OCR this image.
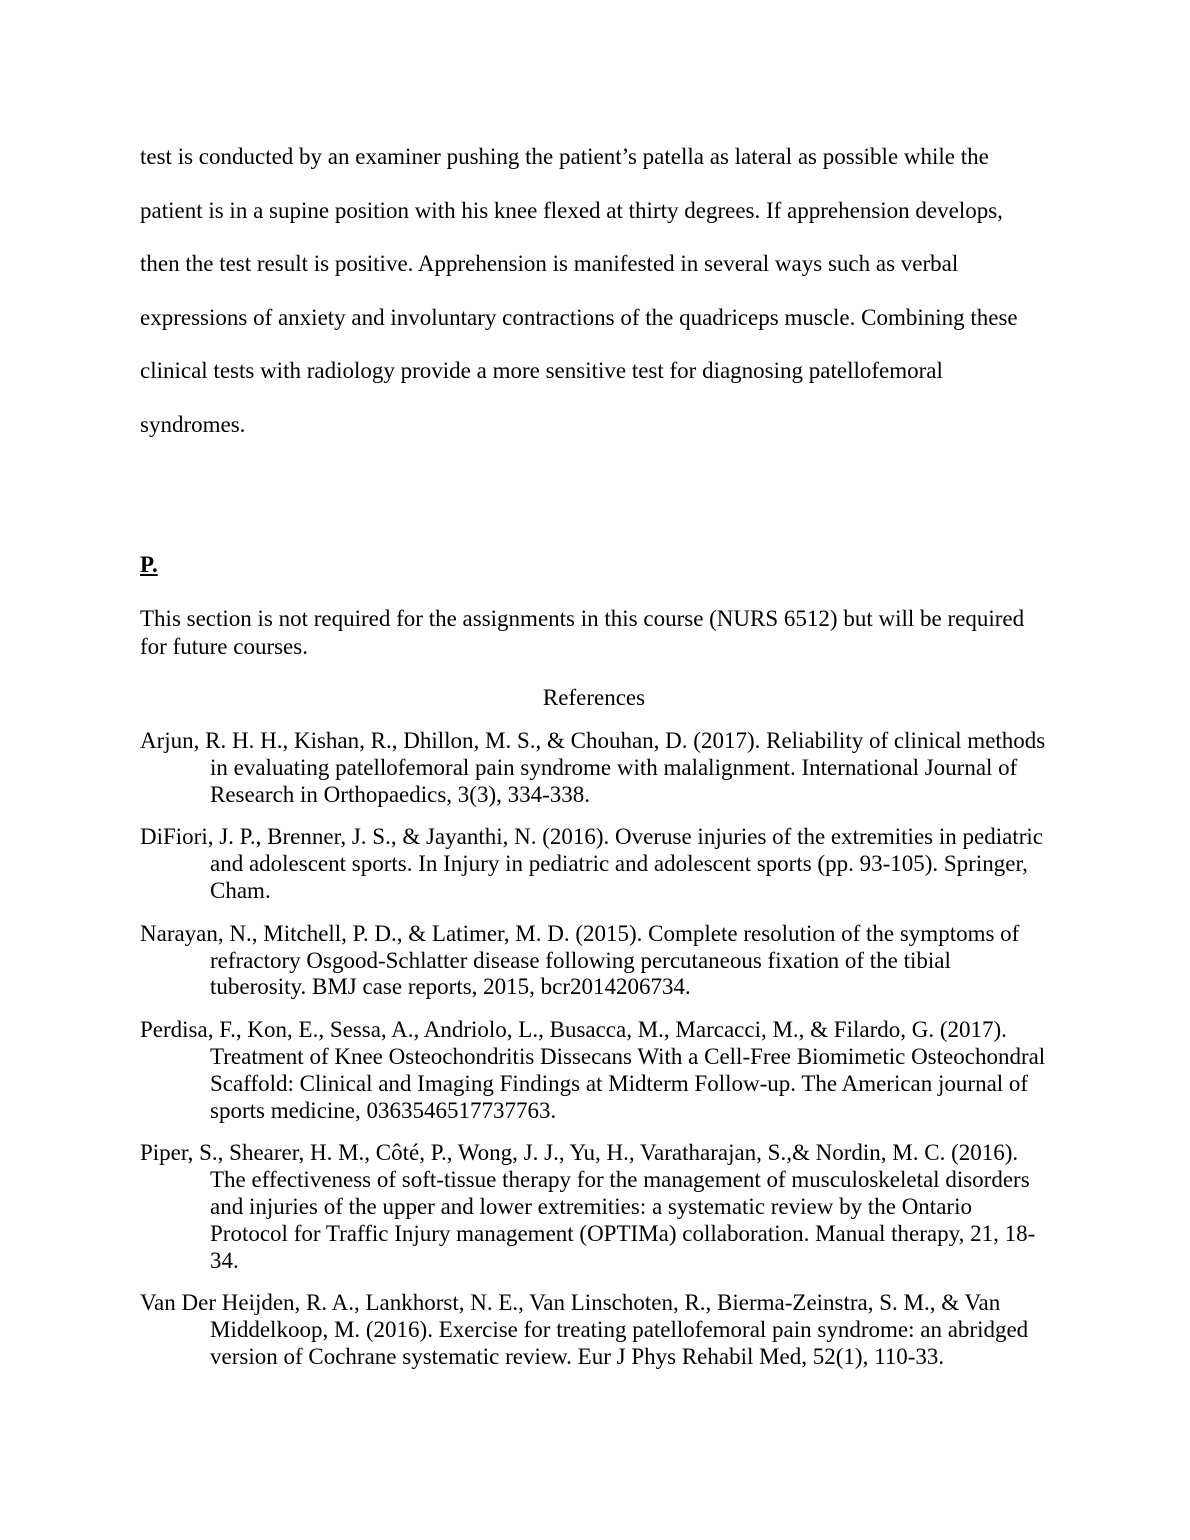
test is conducted by an examiner pushing the patient’s patella as lateral as possible while the
patient is in a supine position with his knee flexed at thirty degrees. If apprehension develops,
then the test result is positive. Apprehension is manifested in several ways such as verbal
expressions of anxiety and involuntary contractions of the quadriceps muscle. Combining these
clinical tests with radiology provide a more sensitive test for diagnosing patellofemoral
syndromes.
P.

This section is not required for the assignments in this course (NURS 6512) but will be required for future courses.

References

Arjun, R. H. H., Kishan, R., Dhillon, M. S., & Chouhan, D. (2017). Reliability of clinical methods in evaluating patellofemoral pain syndrome with malalignment. International Journal of Research in Orthopaedics, 3(3), 334-338.

DiFiori, J. P., Brenner, J. S., & Jayanthi, N. (2016). Overuse injuries of the extremities in pediatric and adolescent sports. In Injury in pediatric and adolescent sports (pp. 93-105). Springer, Cham.

Narayan, N., Mitchell, P. D., & Latimer, M. D. (2015). Complete resolution of the symptoms of refractory Osgood-Schlatter disease following percutaneous fixation of the tibial tuberosity. BMJ case reports, 2015, bcr2014206734.

Perdisa, F., Kon, E., Sessa, A., Andriolo, L., Busacca, M., Marcacci, M., & Filardo, G. (2017). Treatment of Knee Osteochondritis Dissecans With a Cell-Free Biomimetic Osteochondral Scaffold: Clinical and Imaging Findings at Midterm Follow-up. The American journal of sports medicine, 0363546517737763.

Piper, S., Shearer, H. M., Côté, P., Wong, J. J., Yu, H., Varatharajan, S.,& Nordin, M. C. (2016). The effectiveness of soft-tissue therapy for the management of musculoskeletal disorders and injuries of the upper and lower extremities: a systematic review by the Ontario Protocol for Traffic Injury management (OPTIMa) collaboration. Manual therapy, 21, 18-34.

Van Der Heijden, R. A., Lankhorst, N. E., Van Linschoten, R., Bierma-Zeinstra, S. M., & Van Middelkoop, M. (2016). Exercise for treating patellofemoral pain syndrome: an abridged version of Cochrane systematic review. Eur J Phys Rehabil Med, 52(1), 110-33.
